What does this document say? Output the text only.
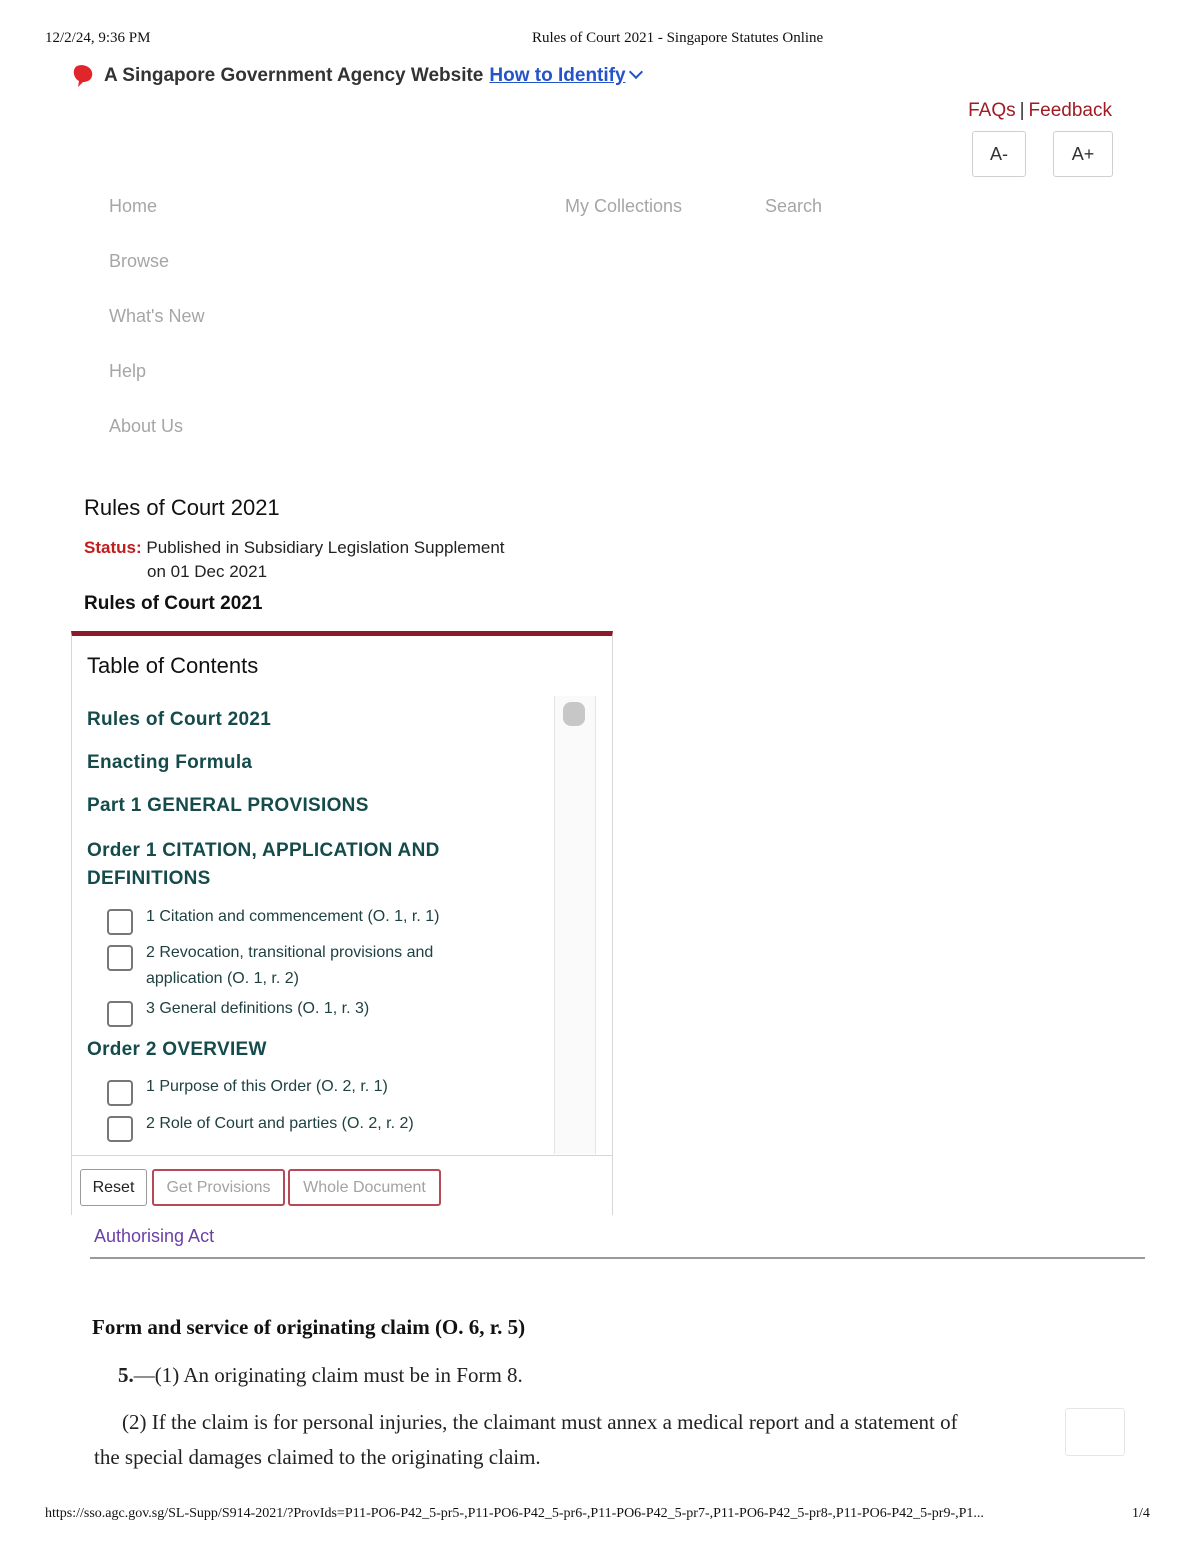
12/2/24, 9:36 PM	Rules of Court 2021 - Singapore Statutes Online
A Singapore Government Agency Website How to Identify
FAQs | Feedback
A-	A+
Home	My Collections	Search
Browse
What's New
Help
About Us
Rules of Court 2021
Status: Published in Subsidiary Legislation Supplement
on 01 Dec 2021
Rules of Court 2021
Table of Contents
Rules of Court 2021
Enacting Formula
Part 1 GENERAL PROVISIONS
Order 1 CITATION, APPLICATION AND
DEFINITIONS
1 Citation and commencement (O. 1, r. 1)
2 Revocation, transitional provisions and
application (O. 1, r. 2)
3 General definitions (O. 1, r. 3)
Order 2 OVERVIEW
1 Purpose of this Order (O. 2, r. 1)
2 Role of Court and parties (O. 2, r. 2)
Reset	Get Provisions	Whole Document
Authorising Act
Form and service of originating claim (O. 6, r. 5)
5.—(1) An originating claim must be in Form 8.
(2) If the claim is for personal injuries, the claimant must annex a medical report and a statement of
the special damages claimed to the originating claim.
https://sso.agc.gov.sg/SL-Supp/S914-2021/?ProvIds=P11-PO6-P42_5-pr5-,P11-PO6-P42_5-pr6-,P11-PO6-P42_5-pr7-,P11-PO6-P42_5-pr8-,P11-PO6-P42_5-pr9-,P1...	1/4
